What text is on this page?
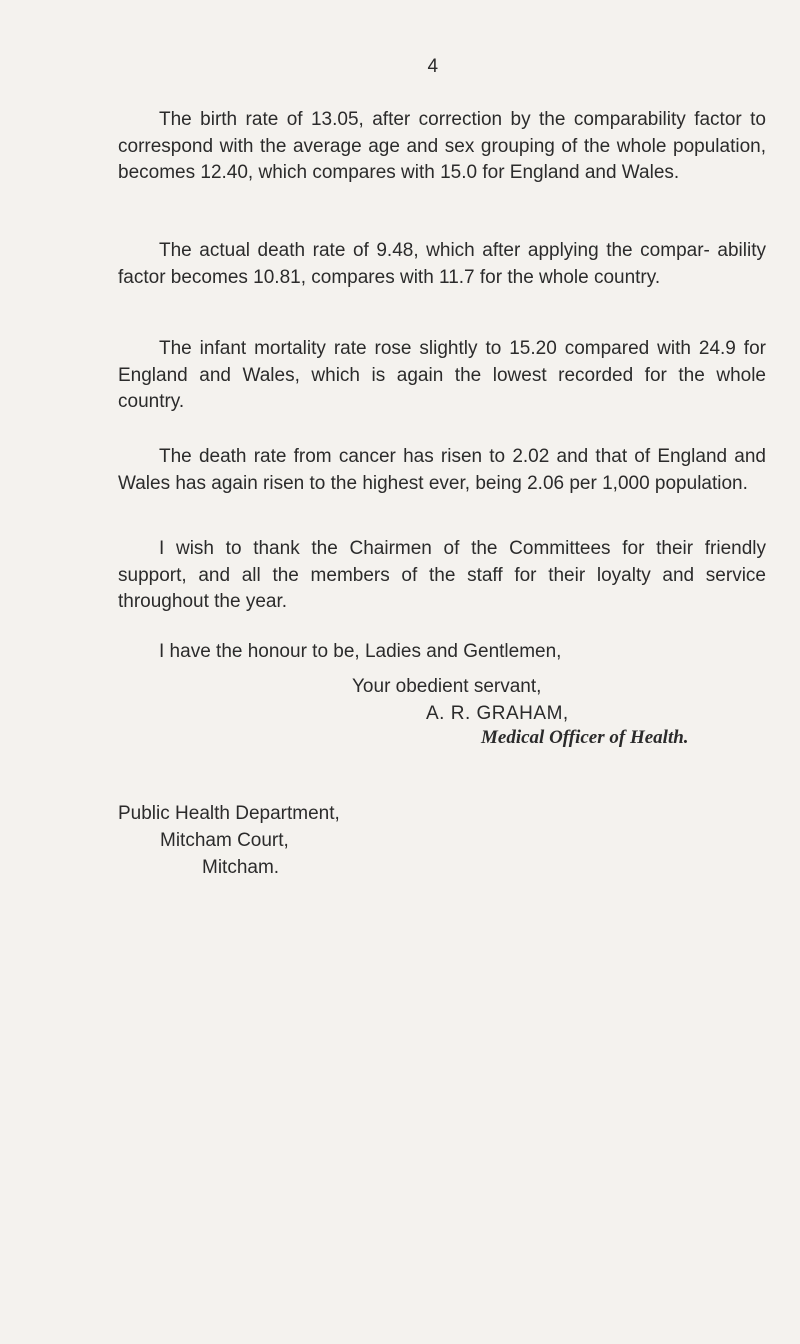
4

The birth rate of 13.05, after correction by the comparability factor to correspond with the average age and sex grouping of the whole population, becomes 12.40, which compares with 15.0 for England and Wales.

The actual death rate of 9.48, which after applying the compar- ability factor becomes 10.81, compares with 11.7 for the whole country.

The infant mortality rate rose slightly to 15.20 compared with 24.9 for England and Wales, which is again the lowest recorded for the whole country.

The death rate from cancer has risen to 2.02 and that of England and Wales has again risen to the highest ever, being 2.06 per 1,000 population.

I wish to thank the Chairmen of the Committees for their friendly support, and all the members of the staff for their loyalty and service throughout the year.

I have the honour to be, Ladies and Gentlemen,

Your obedient servant,
A. R. GRAHAM,
Medical Officer of Health.
Public Health Department,
Mitcham Court,
Mitcham.
